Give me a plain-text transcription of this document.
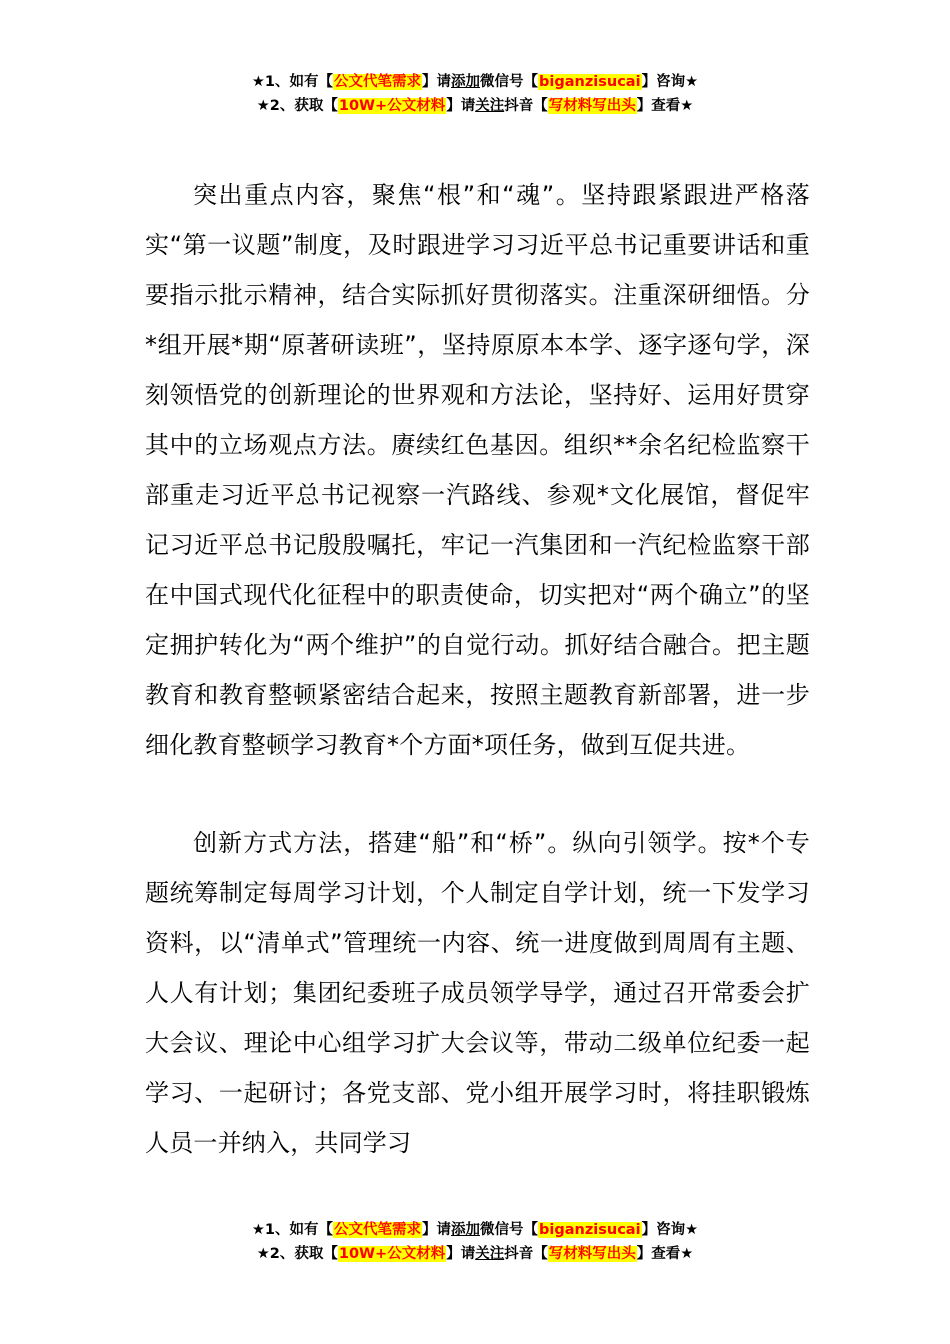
★1、如有【公文代笔需求】请添加微信号【biganzisucai】咨询★
★2、获取【10W+公文材料】请关注抖音【写材料写出头】查看★

突出重点内容，聚焦“根”和“魂”。坚持跟紧跟进严格落实“第一议题”制度，及时跟进学习习近平总书记重要讲话和重要指示批示精神，结合实际抓好贯彻落实。注重深研细悟。分*组开展*期“原著研读班”，坚持原原本本学、逐字逐句学，深刻领悟党的创新理论的世界观和方法论，坚持好、运用好贯穿其中的立场观点方法。赓续红色基因。组织**余名纪检监察干部重走习近平总书记视察一汽路线、参观*文化展馆，督促牢记习近平总书记殷殷嘱托，牢记一汽集团和一汽纪检监察干部在中国式现代化征程中的职责使命，切实把对“两个确立”的坚定拥护转化为“两个维护”的自觉行动。抓好结合融合。把主题教育和教育整顿紧密结合起来，按照主题教育新部署，进一步细化教育整顿学习教育*个方面*项任务，做到互促共进。

创新方式方法，搭建“船”和“桥”。纵向引领学。按*个专题统筹制定每周学习计划，个人制定自学计划，统一下发学习资料，以“清单式”管理统一内容、统一进度做到周周有主题、人人有计划；集团纪委班子成员领学导学，通过召开常委会扩大会议、理论中心组学习扩大会议等，带动二级单位纪委一起学习、一起研讨；各党支部、党小组开展学习时，将挂职锻炼人员一并纳入，共同学习

★1、如有【公文代笔需求】请添加微信号【biganzisucai】咨询★
★2、获取【10W+公文材料】请关注抖音【写材料写出头】查看★
